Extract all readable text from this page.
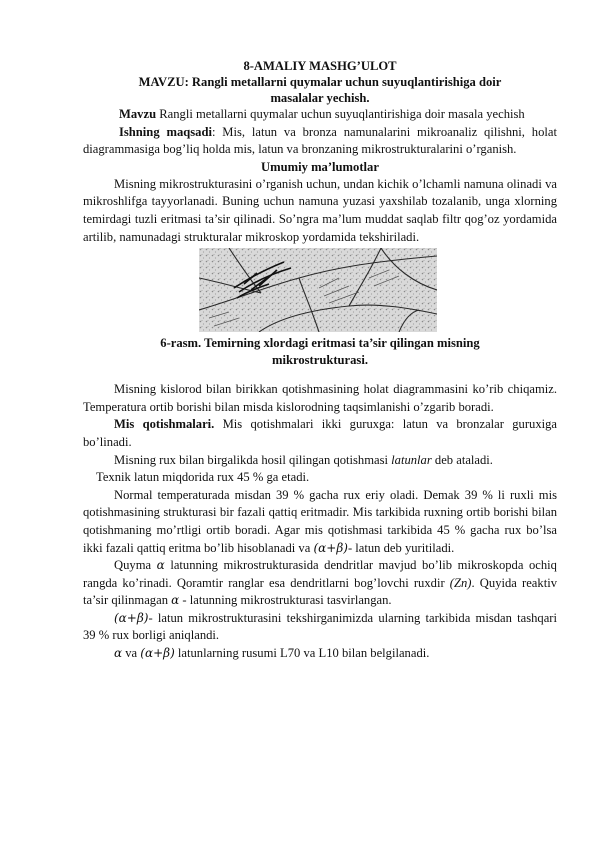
8-AMALIY MASHG’ULOT
MAVZU: Rangli metallarni quymalar uchun suyuqlantirishiga doir masalalar yechish.

Mavzu Rangli metallarni quymalar uchun suyuqlantirishiga doir masala yechish

Ishning maqsadi: Mis, latun va bronza namunalarini mikroanaliz qilishni, holat diagrammasiga bog’liq holda mis, latun va bronzaning mikrostrukturalarini o’rganish.

Umumiy ma’lumotlar

Misning mikrostrukturasini o’rganish uchun, undan kichik o’lchamli namuna olinadi va mikroshlifga tayyorlanadi. Buning uchun namuna yuzasi yaxshilab tozalanib, unga xlorning temirdagi tuzli eritmasi ta’sir qilinadi. So’ngra ma’lum muddat saqlab filtr qog’oz yordamida artilib, namunadagi strukturalar mikroskop yordamida tekshiriladi.

6-rasm. Temirning xlordagi eritmasi ta’sir qilingan misning mikrostrukturasi.

Misning kislorod bilan birikkan qotishmasining holat diagrammasini ko’rib chiqamiz. Temperatura ortib borishi bilan misda kislorodning taqsimlanishi o’zgarib boradi.

Mis qotishmalari. Mis qotishmalari ikki guruxga: latun va bronzalar guruxiga bo’linadi.

Misning rux bilan birgalikda hosil qilingan qotishmasi latunlar deb ataladi.

Texnik latun miqdorida rux 45 % ga etadi.

Normal temperaturada misdan 39 % gacha rux eriy oladi. Demak 39 % li ruxli mis qotishmasining strukturasi bir fazali qattiq eritmadir. Mis tarkibida ruxning ortib borishi bilan qotishmaning mo’rtligi ortib boradi. Agar mis qotishmasi tarkibida 45 % gacha rux bo’lsa ikki fazali qattiq eritma bo’lib hisoblanadi va (α+β)- latun deb yuritiladi.

Quyma α latunning mikrostrukturasida dendritlar mavjud bo’lib mikroskopda ochiq rangda ko’rinadi. Qoramtir ranglar esa dendritlarni bog’lovchi ruxdir (Zn). Quyida reaktiv ta’sir qilinmagan α - latunning mikrostrukturasi tasvirlangan.

(α+β)- latun mikrostrukturasini tekshirganimizda ularning tarkibida misdan tashqari 39 % rux borligi aniqlandi.

α va (α+β) latunlarning rusumi L70 va L10 bilan belgilanadi.
